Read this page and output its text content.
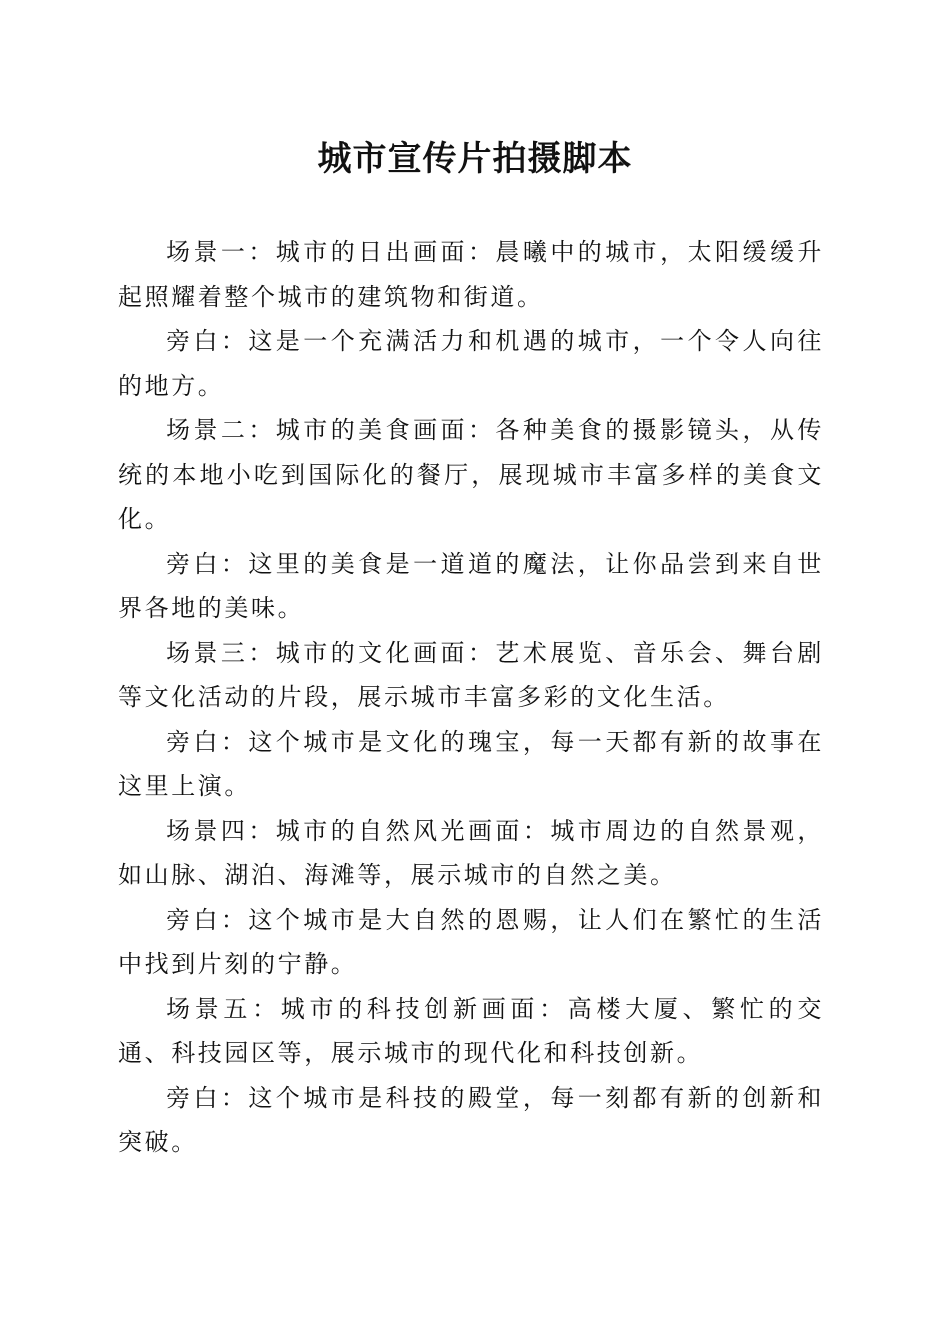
城市宣传片拍摄脚本

场景一：城市的日出画面：晨曦中的城市，太阳缓缓升起照耀着整个城市的建筑物和街道。

旁白：这是一个充满活力和机遇的城市，一个令人向往的地方。

场景二：城市的美食画面：各种美食的摄影镜头，从传统的本地小吃到国际化的餐厅，展现城市丰富多样的美食文化。

旁白：这里的美食是一道道的魔法，让你品尝到来自世界各地的美味。

场景三：城市的文化画面：艺术展览、音乐会、舞台剧等文化活动的片段，展示城市丰富多彩的文化生活。

旁白：这个城市是文化的瑰宝，每一天都有新的故事在这里上演。

场景四：城市的自然风光画面：城市周边的自然景观，如山脉、湖泊、海滩等，展示城市的自然之美。

旁白：这个城市是大自然的恩赐，让人们在繁忙的生活中找到片刻的宁静。

场景五：城市的科技创新画面：高楼大厦、繁忙的交通、科技园区等，展示城市的现代化和科技创新。

旁白：这个城市是科技的殿堂，每一刻都有新的创新和突破。
